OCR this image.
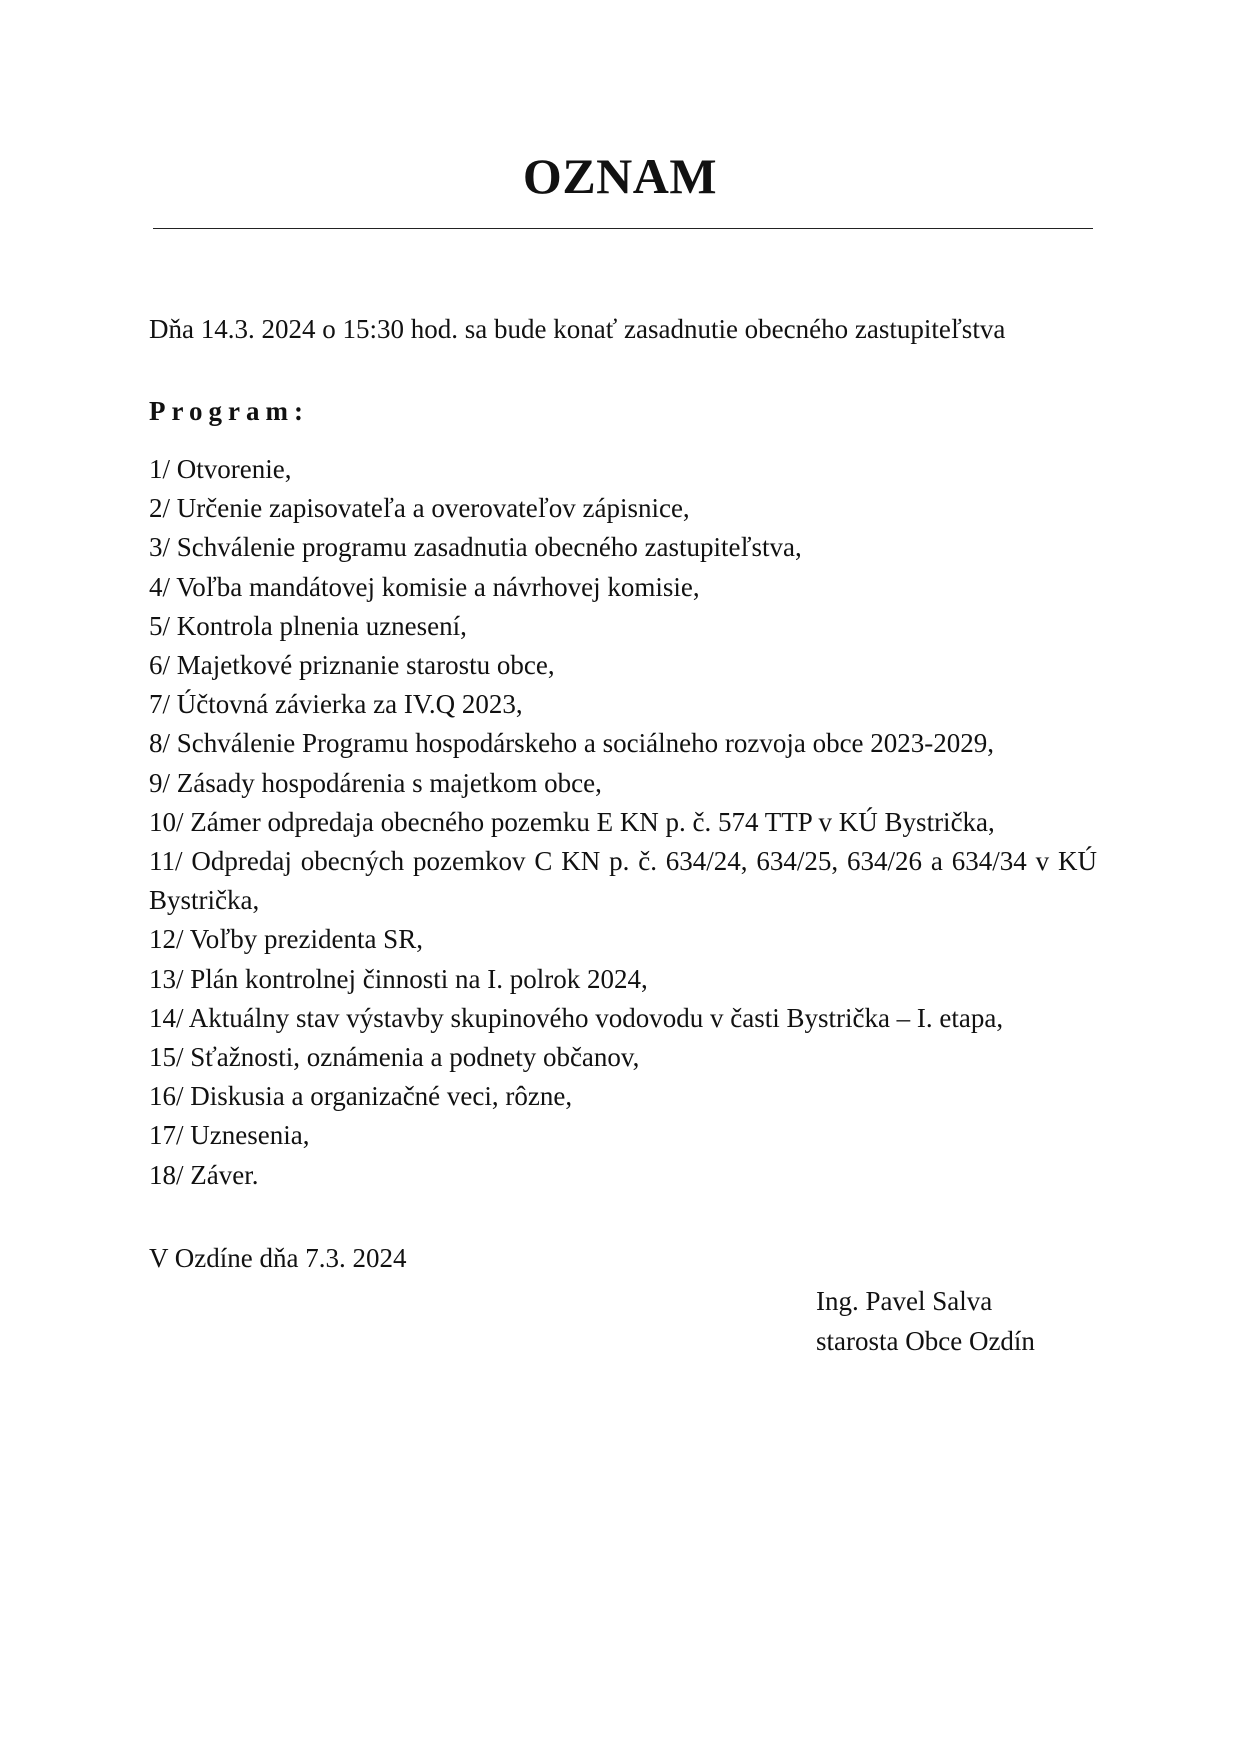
OZNAM
Dňa 14.3. 2024 o 15:30 hod. sa bude konať zasadnutie obecného zastupiteľstva
Program:
1/ Otvorenie,
2/ Určenie zapisovateľa a overovateľov zápisnice,
3/ Schválenie programu zasadnutia obecného zastupiteľstva,
4/ Voľba mandátovej komisie a návrhovej komisie,
5/ Kontrola plnenia uznesení,
6/ Majetkové priznanie starostu obce,
7/ Účtovná závierka za IV.Q 2023,
8/ Schválenie Programu hospodárskeho a sociálneho rozvoja obce 2023-2029,
9/ Zásady hospodárenia s majetkom obce,
10/ Zámer odpredaja obecného pozemku E KN p. č. 574 TTP v KÚ Bystrička,
11/ Odpredaj obecných pozemkov C KN p. č. 634/24, 634/25, 634/26 a 634/34 v KÚ Bystrička,
12/ Voľby prezidenta SR,
13/ Plán kontrolnej činnosti na I. polrok 2024,
14/ Aktuálny stav výstavby skupinového vodovodu v časti Bystrička – I. etapa,
15/ Sťažnosti, oznámenia a podnety občanov,
16/ Diskusia a organizačné veci, rôzne,
17/ Uznesenia,
18/ Záver.
V Ozdíne dňa 7.3. 2024
Ing. Pavel Salva
starosta Obce Ozdín
